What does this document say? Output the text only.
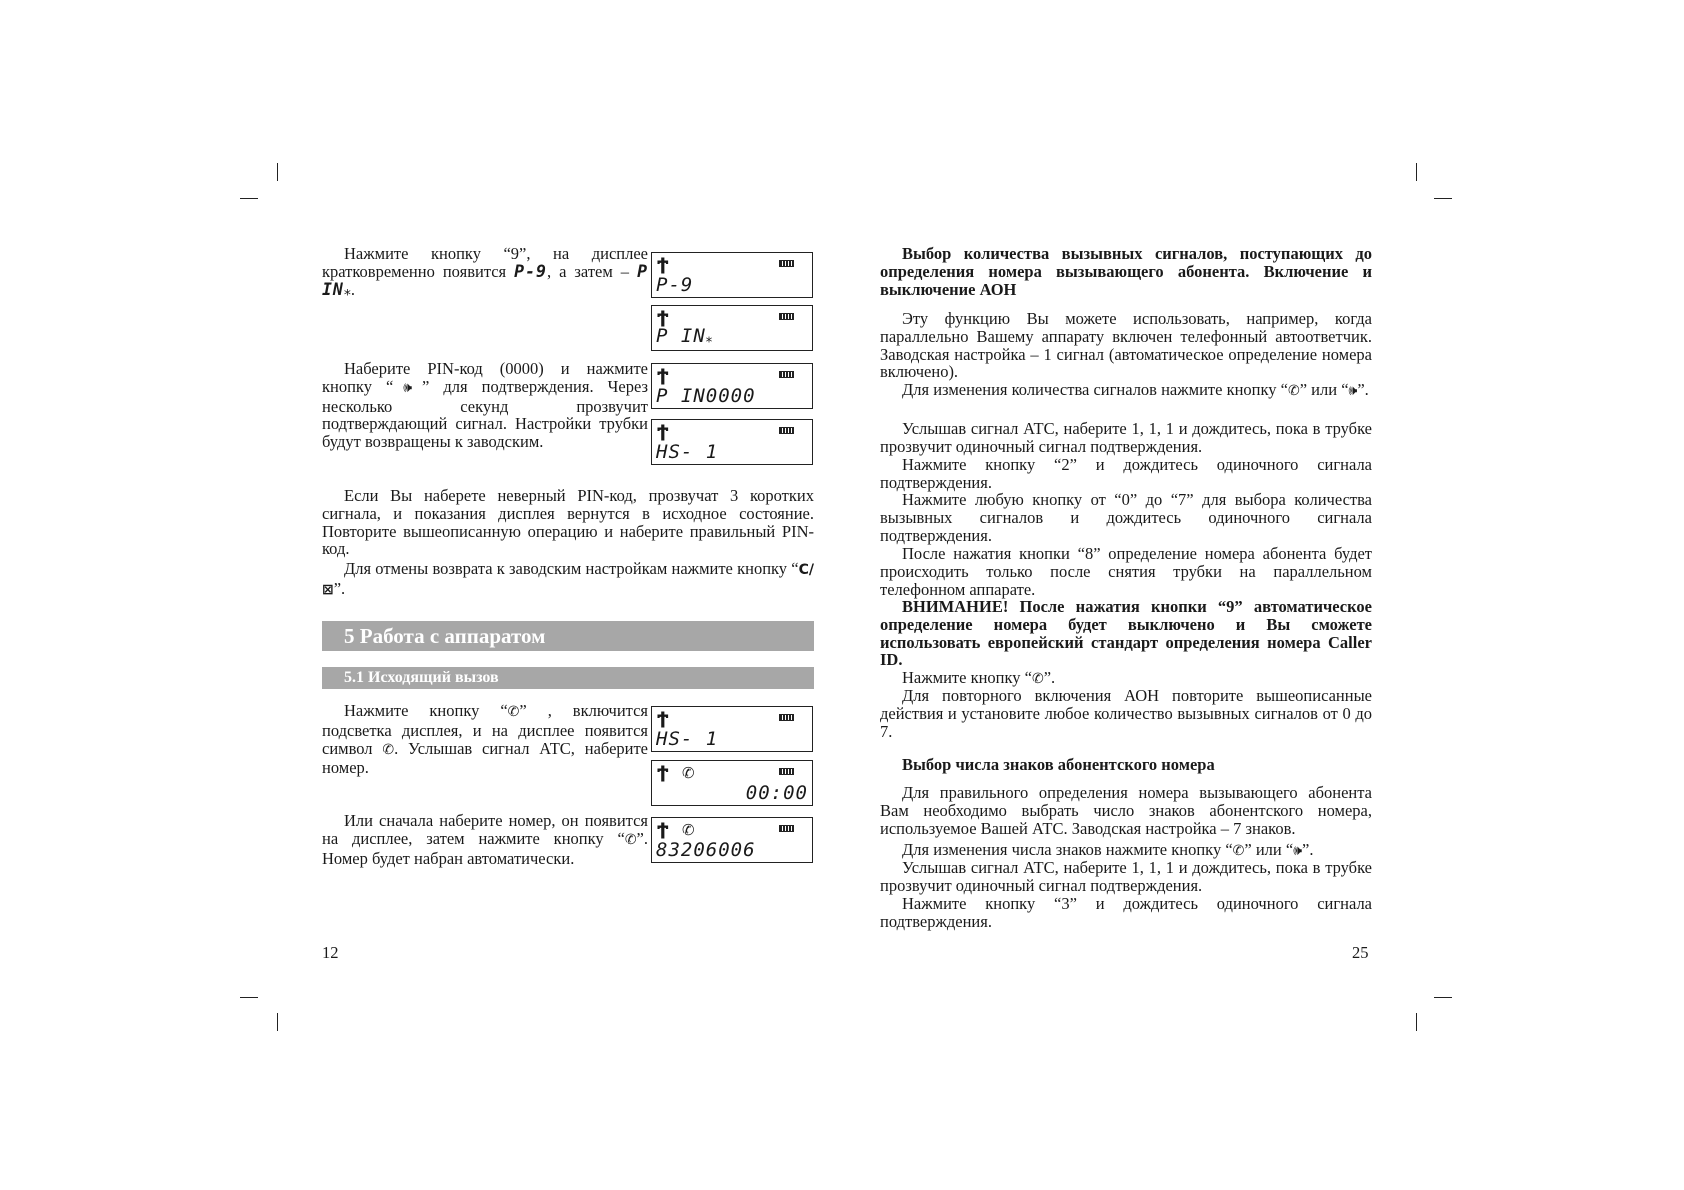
Нажмите кнопку “9”, на дисплее кратковременно появится P-9, а затем – P IN⁎.
Наберите PIN-код (0000) и нажмите кнопку “🕪” для подтверждения. Через несколько секунд прозвучит подтверждающий сигнал. Настройки трубки будут возвращены к заводским.
Если Вы наберете неверный PIN-код, прозвучат 3 коротких сигнала, и показания дисплея вернутся в исходное состояние. Повторите вышеописанную операцию и наберите правильный PIN-код.
Для отмены возврата к заводским настройкам нажмите кнопку “C/⊠”.
5 Работа с аппаратом
5.1 Исходящий вызов
Нажмите кнопку “✆” , включится подсветка дисплея, и на дисплее появится символ ✆. Услышав сигнал АТС, наберите номер.
Или сначала наберите номер, он появится на дисплее, затем нажмите кнопку “✆”. Номер будет набран автоматически.
12
Ϯ
P-9
Ϯ
P IN⁎
Ϯ
P IN0000
Ϯ
HS- 1
Ϯ
HS- 1
Ϯ ✆
00:00
Ϯ ✆
83206006
Выбор количества вызывных сигналов, поступающих до определения номера вызывающего абонента. Включение и выключение АОН
Эту функцию Вы можете использовать, например, когда параллельно Вашему аппарату включен телефонный автоответчик. Заводская настройка – 1 сигнал (автоматическое определение номера включено).
Для изменения количества сигналов нажмите кнопку “✆” или “🕪”.
Услышав сигнал АТС, наберите 1, 1, 1 и дождитесь, пока в трубке прозвучит одиночный сигнал подтверждения.
Нажмите кнопку “2” и дождитесь одиночного сигнала подтверждения.
Нажмите любую кнопку от “0” до “7” для выбора количества вызывных сигналов и дождитесь одиночного сигнала подтверждения.
После нажатия кнопки “8” определение номера абонента будет происходить только после снятия трубки на параллельном телефонном аппарате.
ВНИМАНИЕ! После нажатия кнопки “9” автоматическое определение номера будет выключено и Вы сможете использовать европейский стандарт определения номера Caller ID.
Нажмите кнопку “✆”.
Для повторного включения АОН повторите вышеописанные действия и установите любое количество вызывных сигналов от 0 до 7.
Выбор числа знаков абонентского номера
Для правильного определения номера вызывающего абонента Вам необходимо выбрать число знаков абонентского номера, используемое Вашей АТС. Заводская настройка – 7 знаков.
Для изменения числа знаков нажмите кнопку “✆” или “🕪”.
Услышав сигнал АТС, наберите 1, 1, 1 и дождитесь, пока в трубке прозвучит одиночный сигнал подтверждения.
Нажмите кнопку “3” и дождитесь одиночного сигнала подтверждения.
25
